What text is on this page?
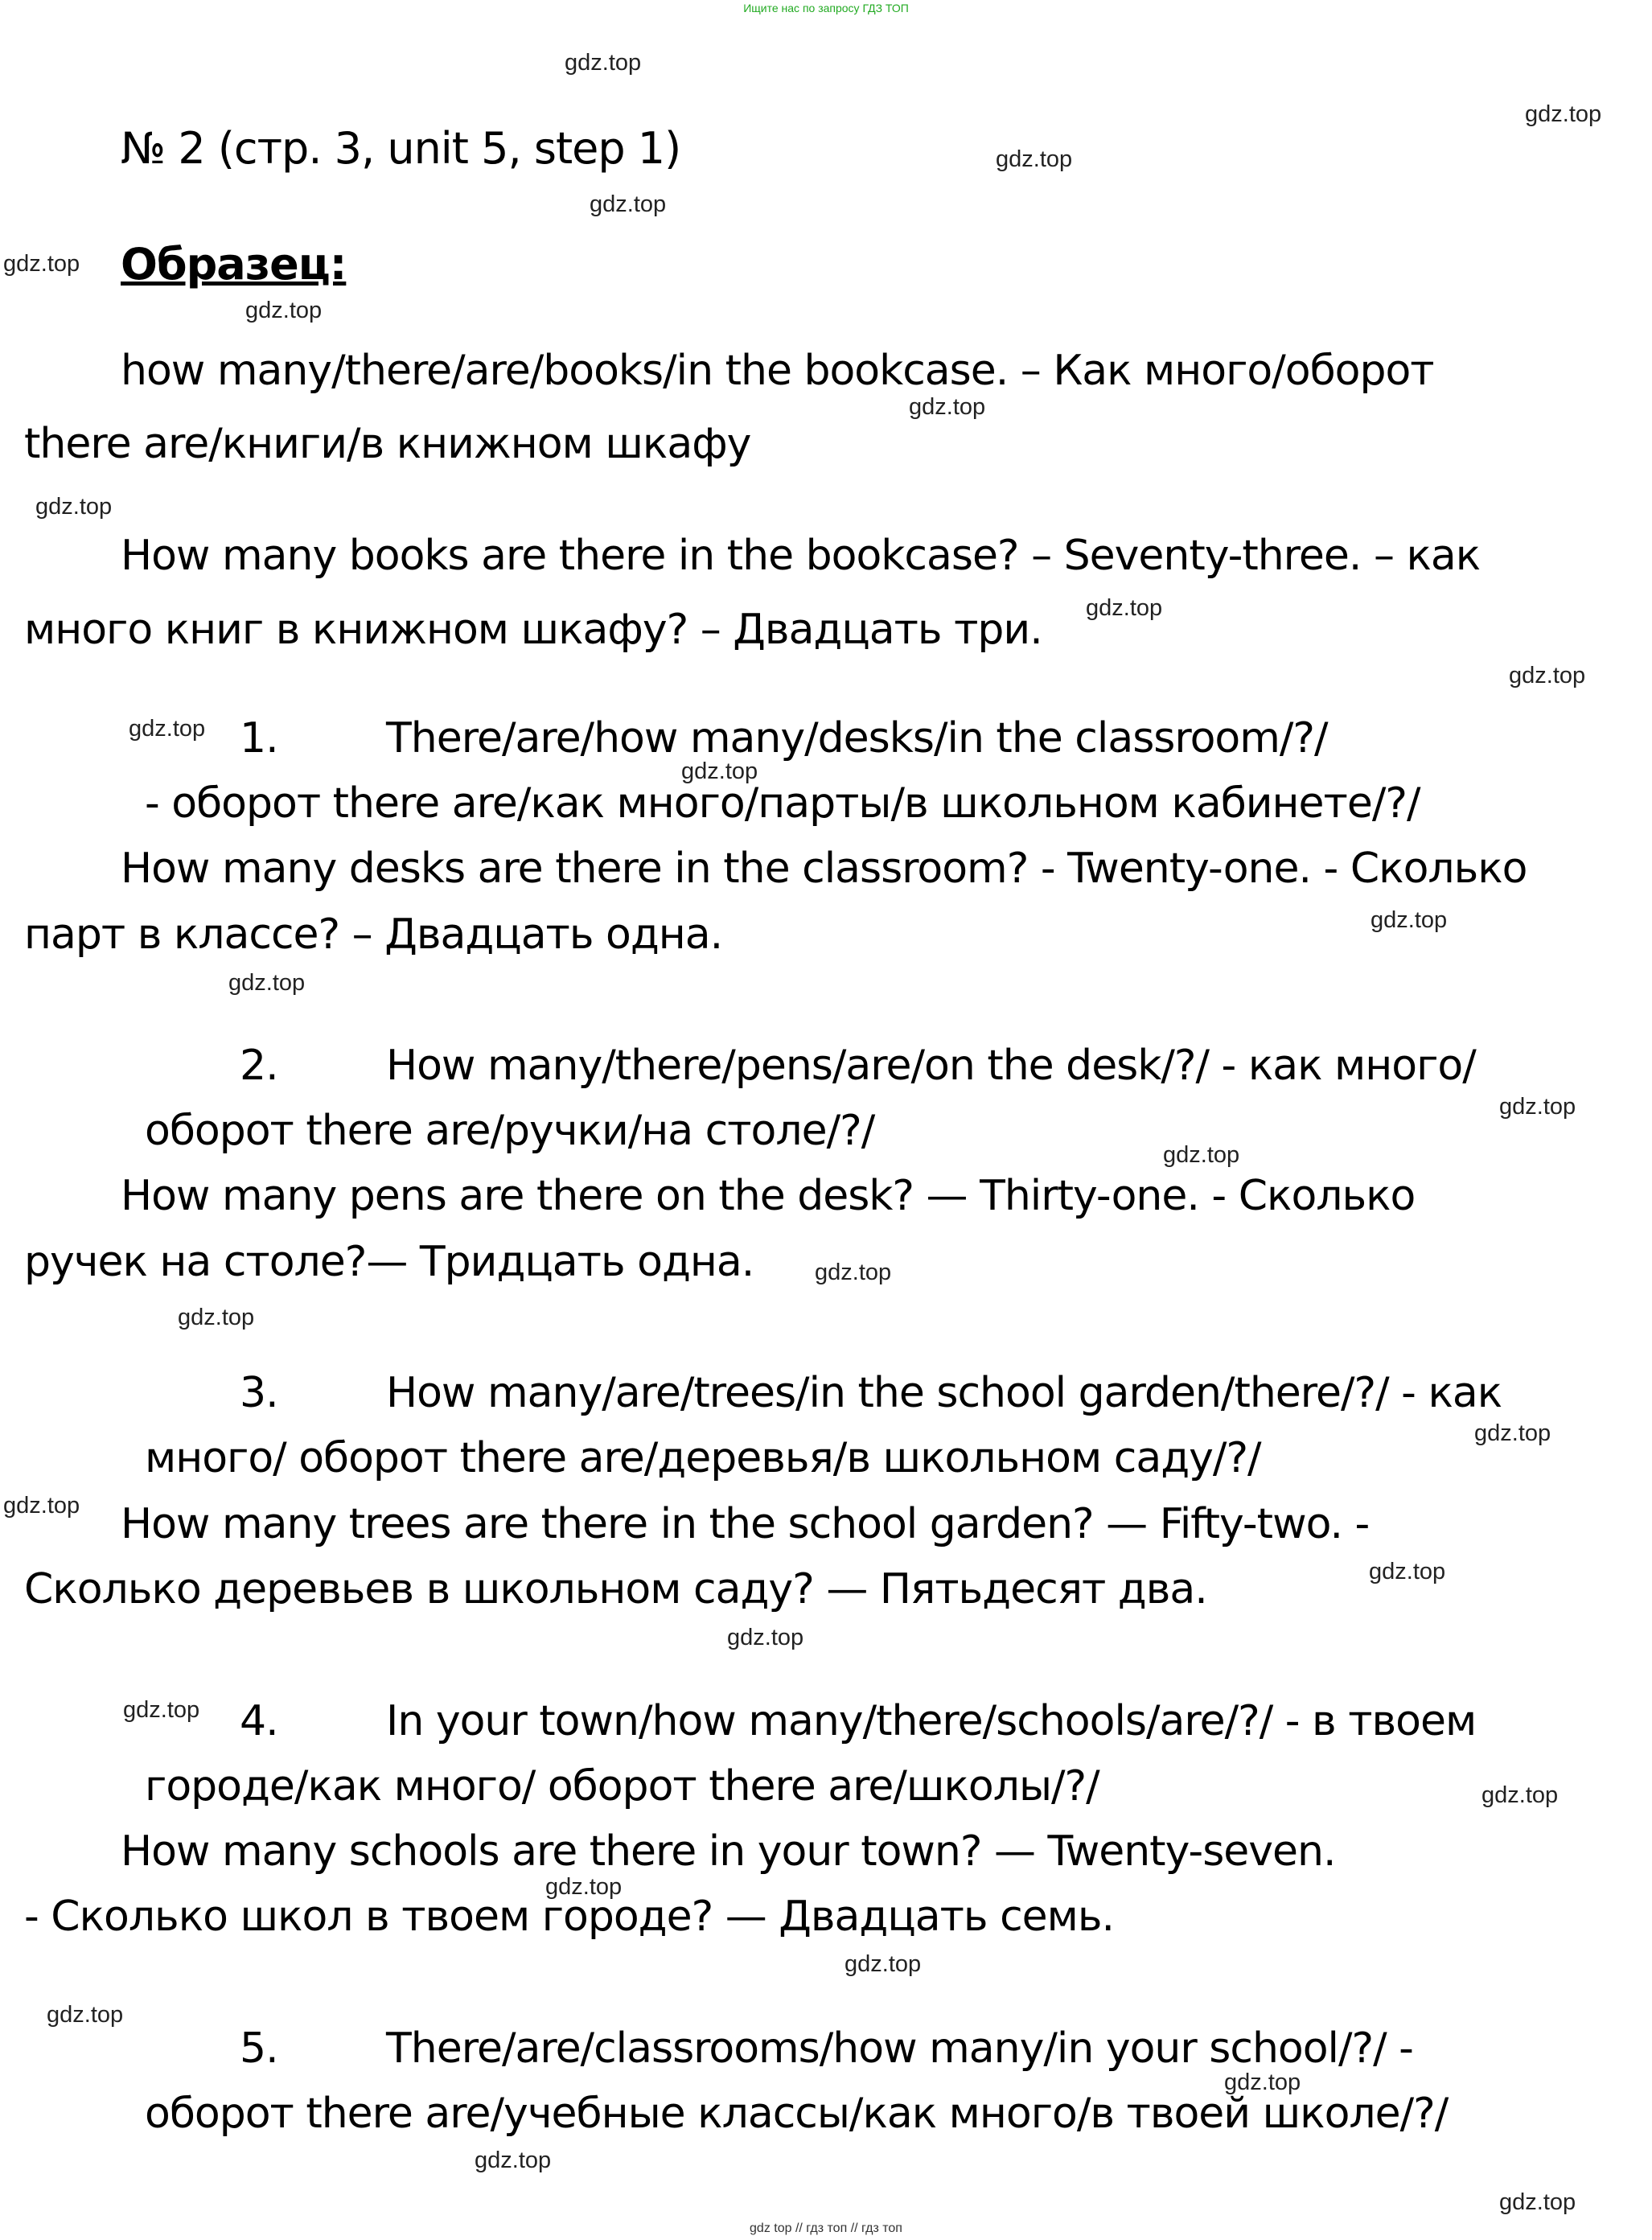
Ищите нас по запросу ГДЗ ТОП
№ 2 (стр. 3, unit 5, step 1)
Образец:
how many/there/are/books/in the bookcase. – Как много/оборот
there are/книги/в книжном шкафу
How many books are there in the bookcase? – Seventy-three. – как
много книг в книжном шкафу? – Двадцать три.
1.	There/are/how many/desks/in the classroom/?/
- оборот there are/как много/парты/в школьном кабинете/?/
How many desks are there in the classroom? - Twenty-one. - Сколько
парт в классе? – Двадцать одна.
2.	How many/there/pens/are/on the desk/?/ - как много/
оборот there are/ручки/на столе/?/
How many pens are there on the desk? — Thirty-one. - Сколько
ручек на столе?— Тридцать одна.
3.	How many/are/trees/in the school garden/there/?/ - как
много/ оборот there are/деревья/в школьном саду/?/
How many trees are there in the school garden? — Fifty-two. -
Сколько деревьев в школьном саду? — Пятьдесят два.
4.	In your town/how many/there/schools/are/?/ - в твоем
городе/как много/ оборот there are/школы/?/
How many schools are there in your town? — Twenty-seven.
- Сколько школ в твоем городе? — Двадцать семь.
5.	There/are/classrooms/how many/in your school/?/ -
оборот there are/учебные классы/как много/в твоей школе/?/
gdz.top
gdz.top
gdz.top
gdz.top
gdz.top
gdz.top
gdz.top
gdz.top
gdz.top
gdz.top
gdz.top
gdz.top
gdz.top
gdz.top
gdz.top
gdz.top
gdz.top
gdz.top
gdz.top
gdz.top
gdz.top
gdz.top
gdz.top
gdz.top
gdz.top
gdz.top
gdz.top
gdz.top
gdz.top
gdz.top
gdz top // гдз топ // гдз топ
